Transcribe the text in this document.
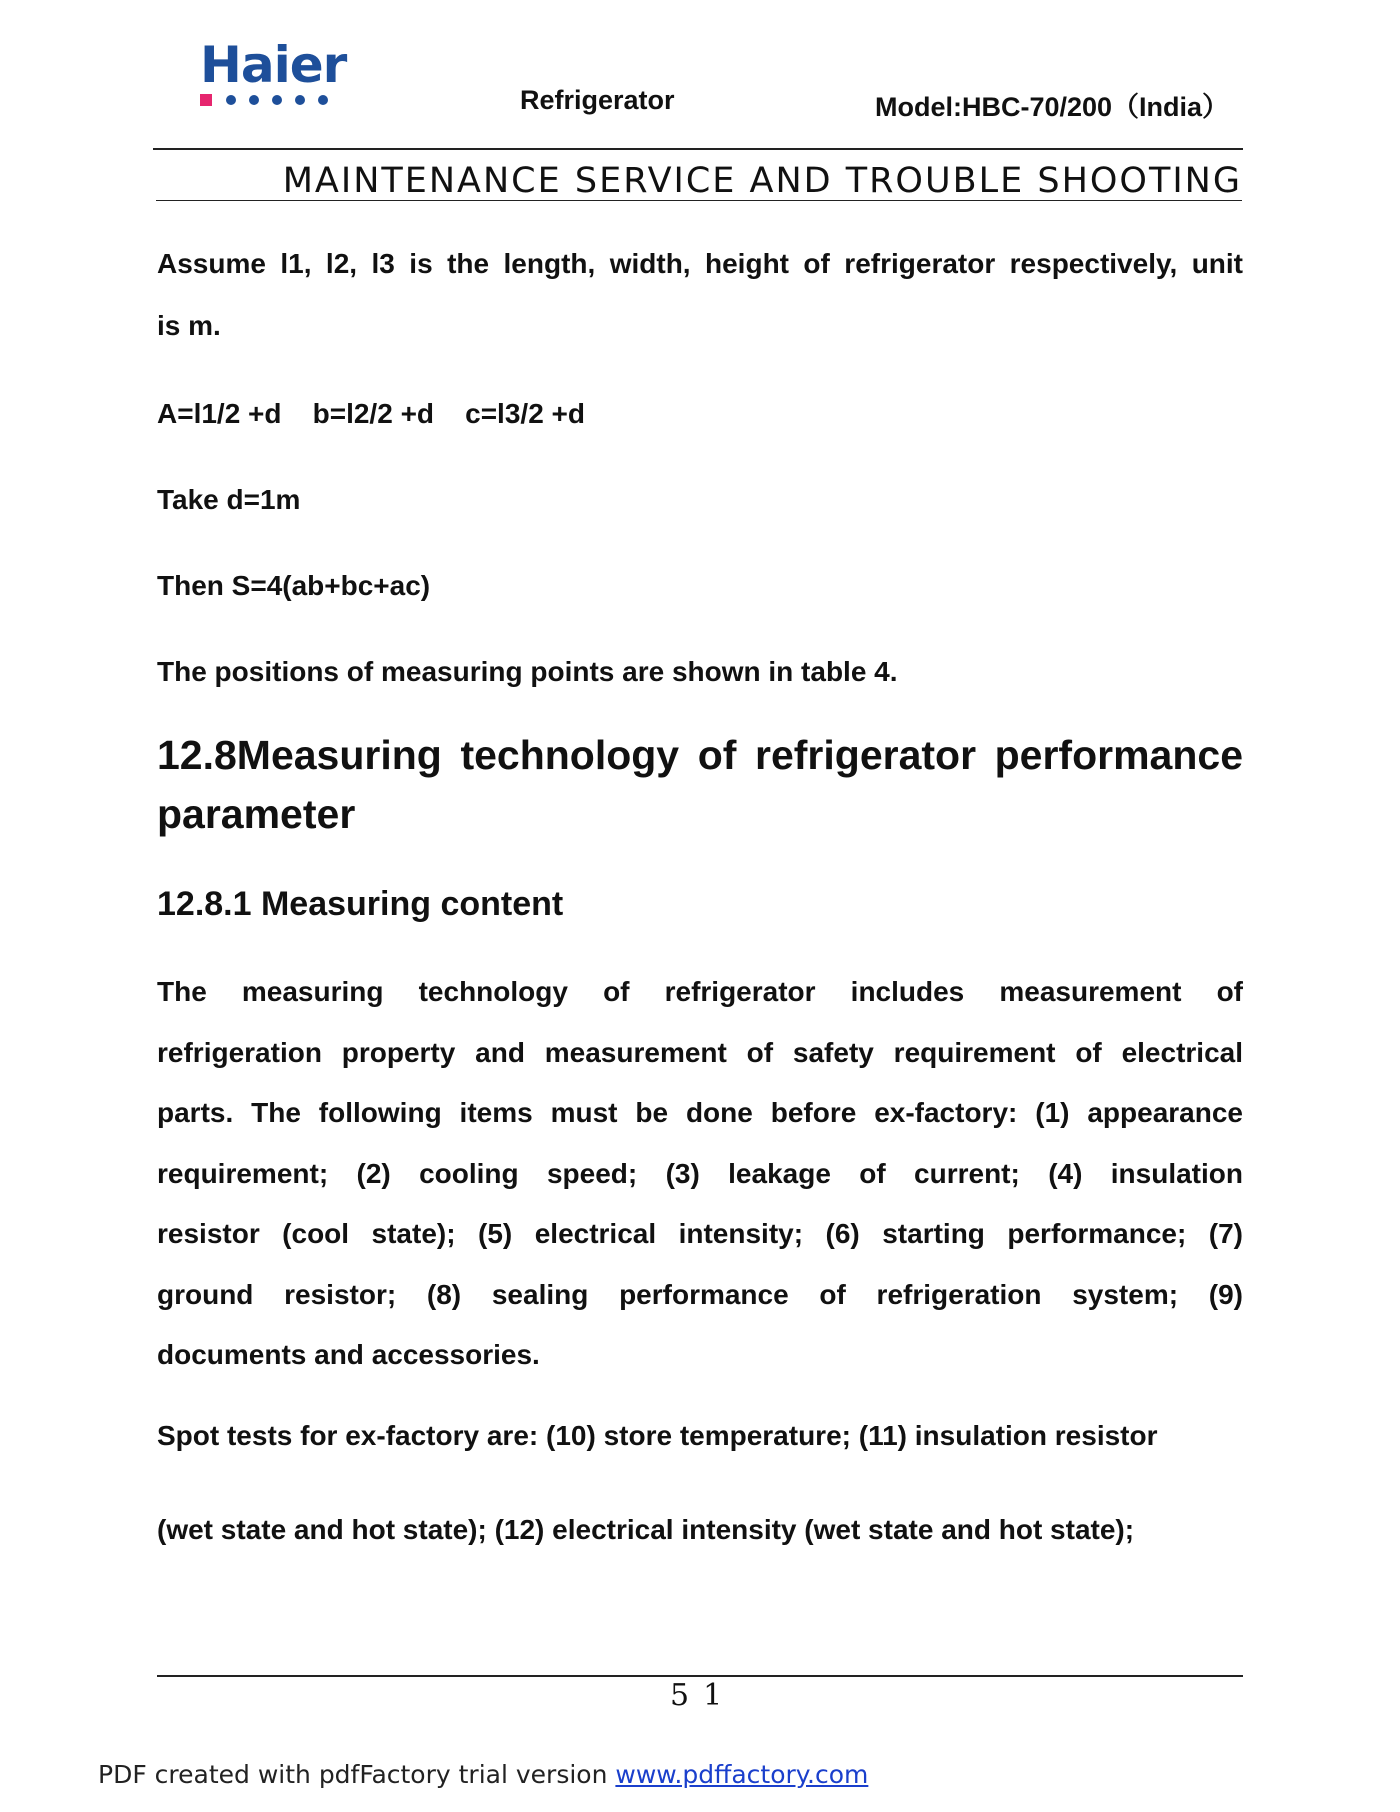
Haier
Refrigerator	Model:HBC-70/200（India）
MAINTENANCE SERVICE AND TROUBLE SHOOTING
Assume l1, l2, l3 is the length, width, height of refrigerator respectively, unit
is m.
A=l1/2 +d    b=l2/2 +d    c=l3/2 +d
Take d=1m
Then S=4(ab+bc+ac)
The positions of measuring points are shown in table 4.
12.8Measuring technology of refrigerator performance
parameter
12.8.1 Measuring content
The measuring technology of refrigerator includes measurement of
refrigeration property and measurement of safety requirement of electrical
parts. The following items must be done before ex-factory: (1) appearance
requirement; (2) cooling speed; (3) leakage of current; (4) insulation
resistor (cool state); (5) electrical intensity; (6) starting performance; (7)
ground resistor; (8) sealing performance of refrigeration system; (9)
documents and accessories.
Spot tests for ex-factory are: (10) store temperature; (11) insulation resistor
(wet state and hot state); (12) electrical intensity (wet state and hot state);
51
PDF created with pdfFactory trial version www.pdffactory.com
